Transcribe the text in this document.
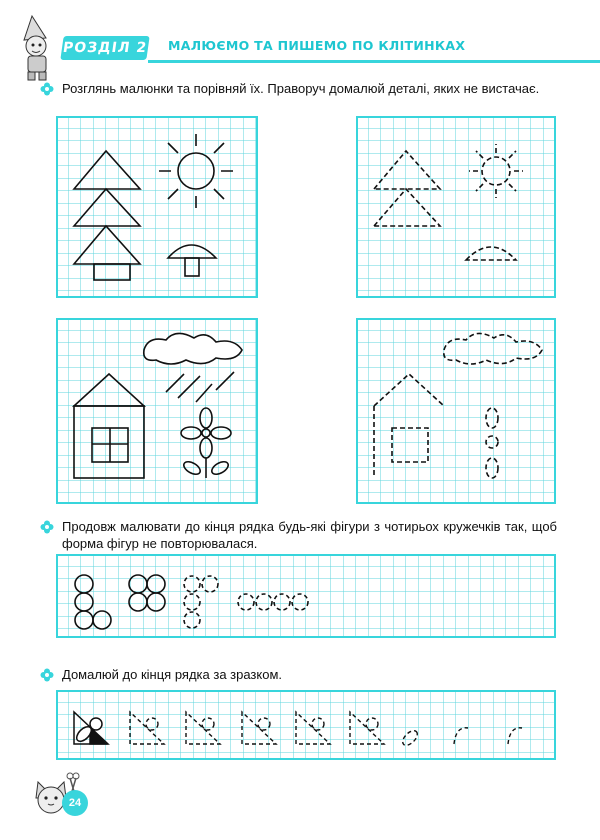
РОЗДІЛ 2 МАЛЮЄМО ТА ПИШЕМО ПО КЛІТИНКАХ
Розглянь малюнки та порівняй їх. Праворуч домалюй деталі, яких не вистачає.
Продовж малювати до кінця рядка будь-які фігури з чотирьох кружечків так, щоб форма фігур не повторювалася.
Домалюй до кінця рядка за зразком.
24
